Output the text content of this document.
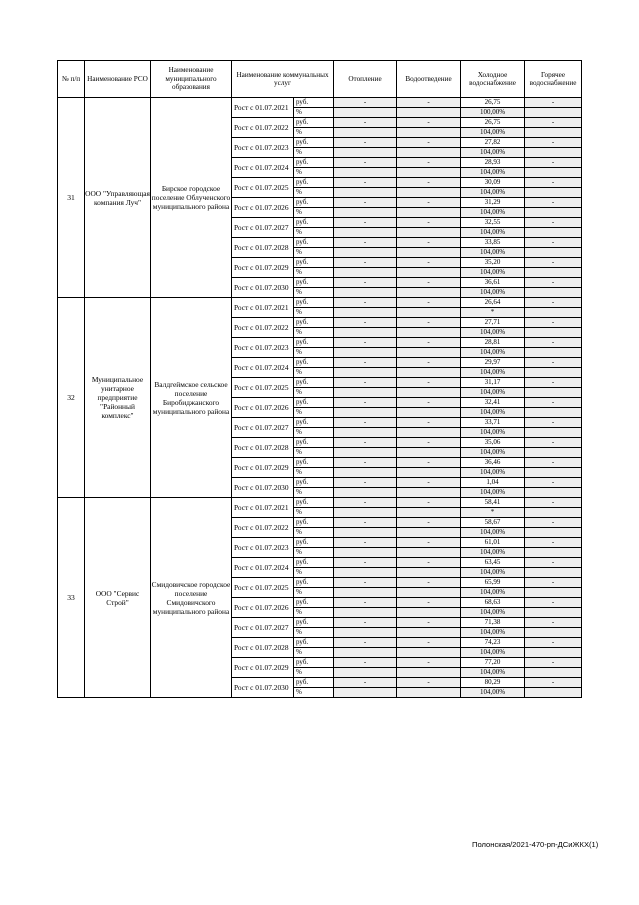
№ п/п	Наименование РСО	Наименование муниципального образования	Наименование коммунальных услуг		Отопление	Водоотведение	Холодное водоснабжение	Горячее водоснабжение
31	ООО "Управляющая компания Луч"	Бирское городское поселение Облученского муниципального района	Рост с 01.07.2021	руб.	-	-	26,75	-
				%			100,00%	
			Рост с 01.07.2022	руб.	-	-	26,75	-
				%			104,00%	
			Рост с 01.07.2023	руб.	-	-	27,82	-
				%			104,00%	
			Рост с 01.07.2024	руб.	-	-	28,93	-
				%			104,00%	
			Рост с 01.07.2025	руб.	-	-	30,09	-
				%			104,00%	
			Рост с 01.07.2026	руб.	-	-	31,29	-
				%			104,00%	
			Рост с 01.07.2027	руб.	-	-	32,55	-
				%			104,00%	
			Рост с 01.07.2028	руб.	-	-	33,85	-
				%			104,00%	
			Рост с 01.07.2029	руб.	-	-	35,20	-
				%			104,00%	
			Рост с 01.07.2030	руб.	-	-	36,61	-
				%			104,00%	
32	Муниципальное унитарное предприятие "Районный комплекс"	Валдгеймское сельское поселение Биробиджанского муниципального района	Рост с 01.07.2021	руб.	-	-	26,64	-
				%			*	
			Рост с 01.07.2022	руб.	-	-	27,71	-
				%			104,00%	
			Рост с 01.07.2023	руб.	-	-	28,81	-
				%			104,00%	
			Рост с 01.07.2024	руб.	-	-	29,97	-
				%			104,00%	
			Рост с 01.07.2025	руб.	-	-	31,17	-
				%			104,00%	
			Рост с 01.07.2026	руб.	-	-	32,41	-
				%			104,00%	
			Рост с 01.07.2027	руб.	-	-	33,71	-
				%			104,00%	
			Рост с 01.07.2028	руб.	-	-	35,06	-
				%			104,00%	
			Рост с 01.07.2029	руб.	-	-	36,46	-
				%			104,00%	
			Рост с 01.07.2030	руб.	-	-	1,04	-
				%			104,00%	
33	ООО "Сервис Строй"	Смидовичское городское поселение Смидовичского муниципального района	Рост с 01.07.2021	руб.	-	-	58,41	-
				%			*	
			Рост с 01.07.2022	руб.	-	-	58,67	-
				%			104,00%	
			Рост с 01.07.2023	руб.	-	-	61,01	-
				%			104,00%	
			Рост с 01.07.2024	руб.	-	-	63,45	-
				%			104,00%	
			Рост с 01.07.2025	руб.	-	-	65,99	-
				%			104,00%	
			Рост с 01.07.2026	руб.	-	-	68,63	-
				%			104,00%	
			Рост с 01.07.2027	руб.	-	-	71,38	-
				%			104,00%	
			Рост с 01.07.2028	руб.	-	-	74,23	-
				%			104,00%	
			Рост с 01.07.2029	руб.	-	-	77,20	-
				%			104,00%	
			Рост с 01.07.2030	руб.	-	-	80,29	-
				%			104,00%	
Полонская/2021-470-рп-ДСиЖКХ(1)
